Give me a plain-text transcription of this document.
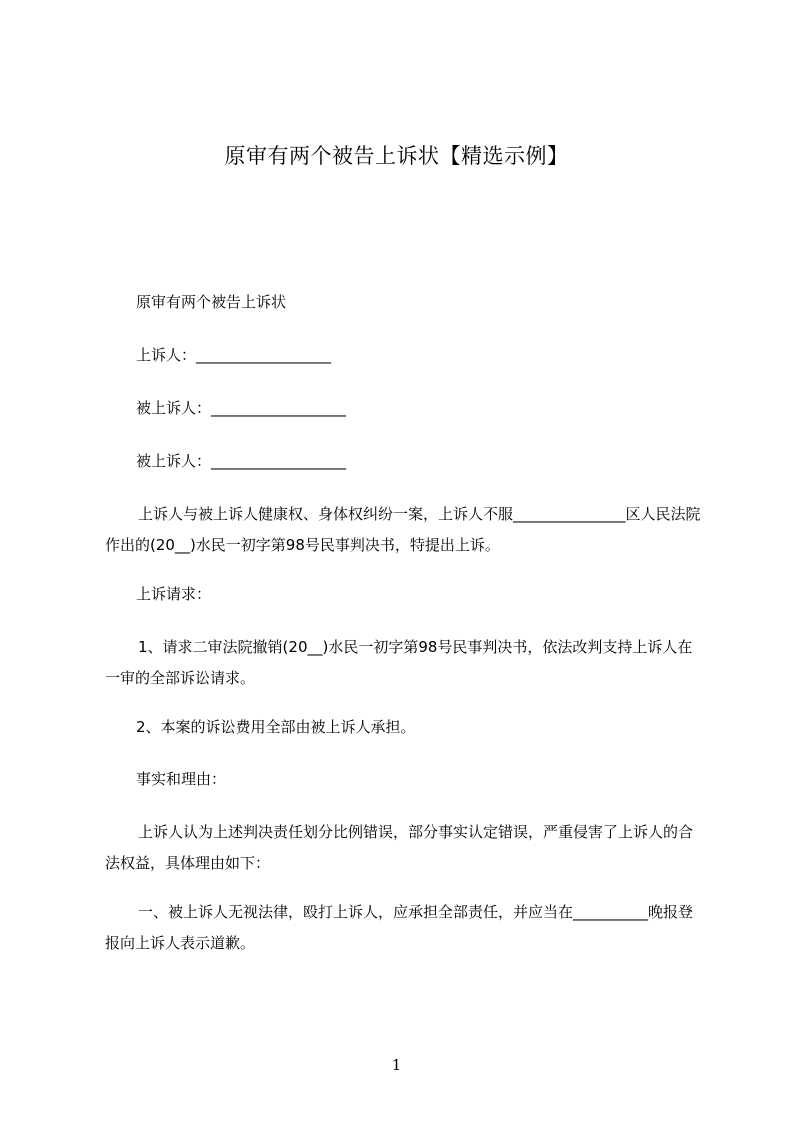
原审有两个被告上诉状【精选示例】

原审有两个被告上诉状

上诉人：__________________

被上诉人：__________________

被上诉人：__________________

上诉人与被上诉人健康权、身体权纠纷一案，上诉人不服_______________区人民法院作出的(20__)水民一初字第98号民事判决书，特提出上诉。

上诉请求：

1、请求二审法院撤销(20__)水民一初字第98号民事判决书，依法改判支持上诉人在一审的全部诉讼请求。

2、本案的诉讼费用全部由被上诉人承担。

事实和理由：

上诉人认为上述判决责任划分比例错误，部分事实认定错误，严重侵害了上诉人的合法权益，具体理由如下：

一、被上诉人无视法律，殴打上诉人，应承担全部责任，并应当在__________晚报登报向上诉人表示道歉。

1
